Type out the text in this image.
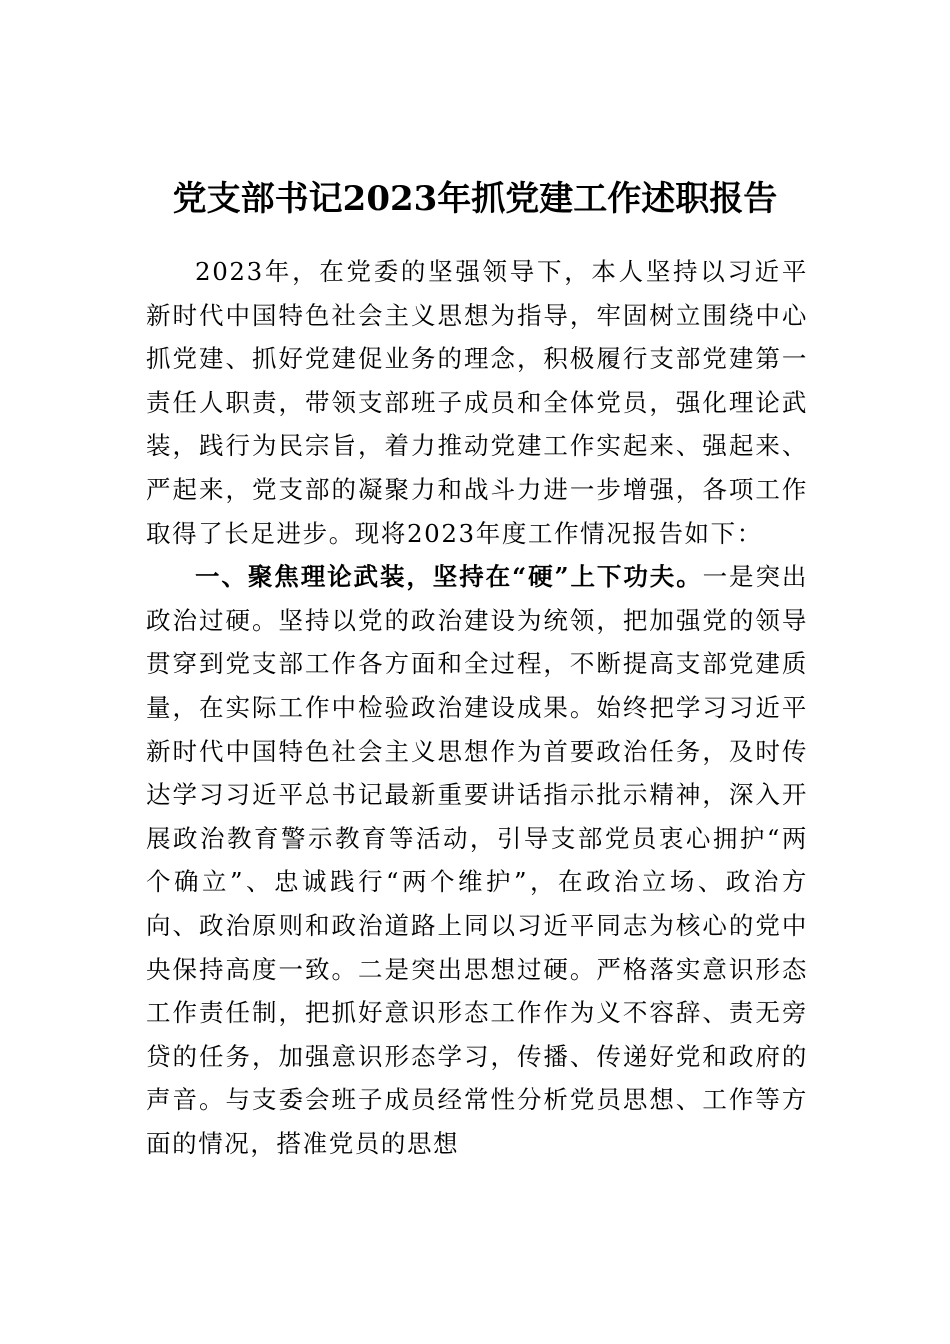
党支部书记2023年抓党建工作述职报告

2023年，在党委的坚强领导下，本人坚持以习近平新时代中国特色社会主义思想为指导，牢固树立围绕中心抓党建、抓好党建促业务的理念，积极履行支部党建第一责任人职责，带领支部班子成员和全体党员，强化理论武装，践行为民宗旨，着力推动党建工作实起来、强起来、严起来，党支部的凝聚力和战斗力进一步增强，各项工作取得了长足进步。现将2023年度工作情况报告如下：

一、聚焦理论武装，坚持在“硬”上下功夫。一是突出政治过硬。坚持以党的政治建设为统领，把加强党的领导贯穿到党支部工作各方面和全过程，不断提高支部党建质量，在实际工作中检验政治建设成果。始终把学习习近平新时代中国特色社会主义思想作为首要政治任务，及时传达学习习近平总书记最新重要讲话指示批示精神，深入开展政治教育警示教育等活动，引导支部党员衷心拥护“两个确立”、忠诚践行“两个维护”，在政治立场、政治方向、政治原则和政治道路上同以习近平同志为核心的党中央保持高度一致。二是突出思想过硬。严格落实意识形态工作责任制，把抓好意识形态工作作为义不容辞、责无旁贷的任务，加强意识形态学习，传播、传递好党和政府的声音。与支委会班子成员经常性分析党员思想、工作等方面的情况，搭准党员的思想
